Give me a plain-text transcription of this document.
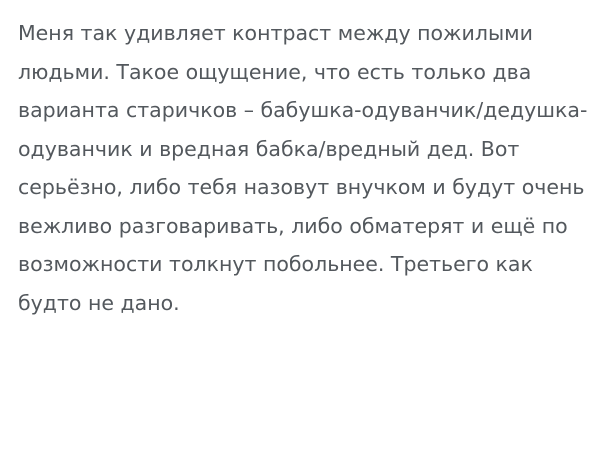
Меня так удивляет контраст между пожилыми людьми. Такое ощущение, что есть только два варианта старичков – бабушка-одуванчик/дедушка-одуванчик и вредная бабка/вредный дед. Вот серьёзно, либо тебя назовут внучком и будут очень вежливо разговаривать, либо обматерят и ещё по возможности толкнут побольнее. Третьего как будто не дано.
